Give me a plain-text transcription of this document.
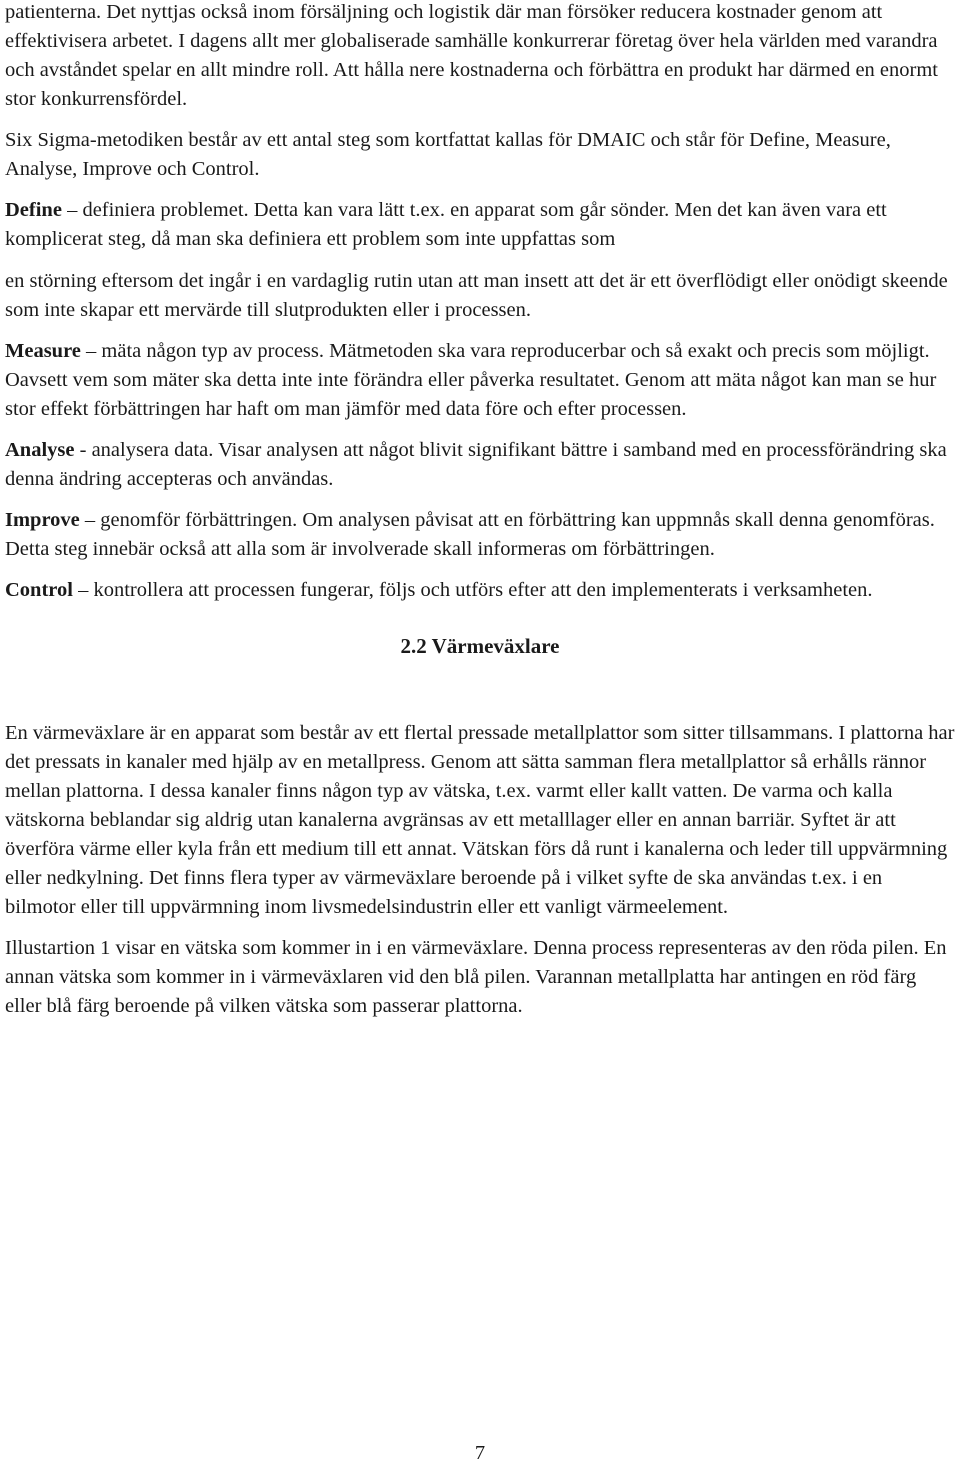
patienterna. Det nyttjas också inom försäljning och logistik där man försöker reducera kostnader genom att effektivisera arbetet. I dagens allt mer globaliserade samhälle konkurrerar företag över hela världen med varandra och avståndet spelar en allt mindre roll. Att hålla nere kostnaderna och förbättra en produkt har därmed en enormt stor konkurrensfördel.

Six Sigma-metodiken består av ett antal steg som kortfattat kallas för DMAIC och står för Define, Measure, Analyse, Improve och Control.

Define – definiera problemet. Detta kan vara lätt t.ex. en apparat som går sönder. Men det kan även vara ett komplicerat steg, då man ska definiera ett problem som inte uppfattas som

en störning eftersom det ingår i en vardaglig rutin utan att man insett att det är ett överflödigt eller onödigt skeende som inte skapar ett mervärde till slutprodukten eller i processen.

Measure – mäta någon typ av process. Mätmetoden ska vara reproducerbar och så exakt och precis som möjligt. Oavsett vem som mäter ska detta inte inte förändra eller påverka resultatet. Genom att mäta något kan man se hur stor effekt förbättringen har haft om man jämför med data före och efter processen.

Analyse - analysera data. Visar analysen att något blivit signifikant bättre i samband med en processförändring ska denna ändring accepteras och användas.

Improve – genomför förbättringen. Om analysen påvisat att en förbättring kan uppmnås skall denna genomföras. Detta steg innebär också att alla som är involverade skall informeras om förbättringen.

Control – kontrollera att processen fungerar, följs och utförs efter att den implementerats i verksamheten.

2.2 Värmeväxlare

En värmeväxlare är en apparat som består av ett flertal pressade metallplattor som sitter tillsammans. I plattorna har det pressats in kanaler med hjälp av en metallpress. Genom att sätta samman flera metallplattor så erhålls rännor mellan plattorna. I dessa kanaler finns någon typ av vätska, t.ex. varmt eller kallt vatten. De varma och kalla vätskorna beblandar sig aldrig utan kanalerna avgränsas av ett metalllager eller en annan barriär. Syftet är att överföra värme eller kyla från ett medium till ett annat. Vätskan förs då runt i kanalerna och leder till uppvärmning eller nedkylning. Det finns flera typer av värmeväxlare beroende på i vilket syfte de ska användas t.ex. i en bilmotor eller till uppvärmning inom livsmedelsindustrin eller ett vanligt värmeelement.

Illustartion 1 visar en vätska som kommer in i en värmeväxlare. Denna process representeras av den röda pilen. En annan vätska som kommer in i värmeväxlaren vid den blå pilen. Varannan metallplatta har antingen en röd färg eller blå färg beroende på vilken vätska som passerar plattorna.

7
